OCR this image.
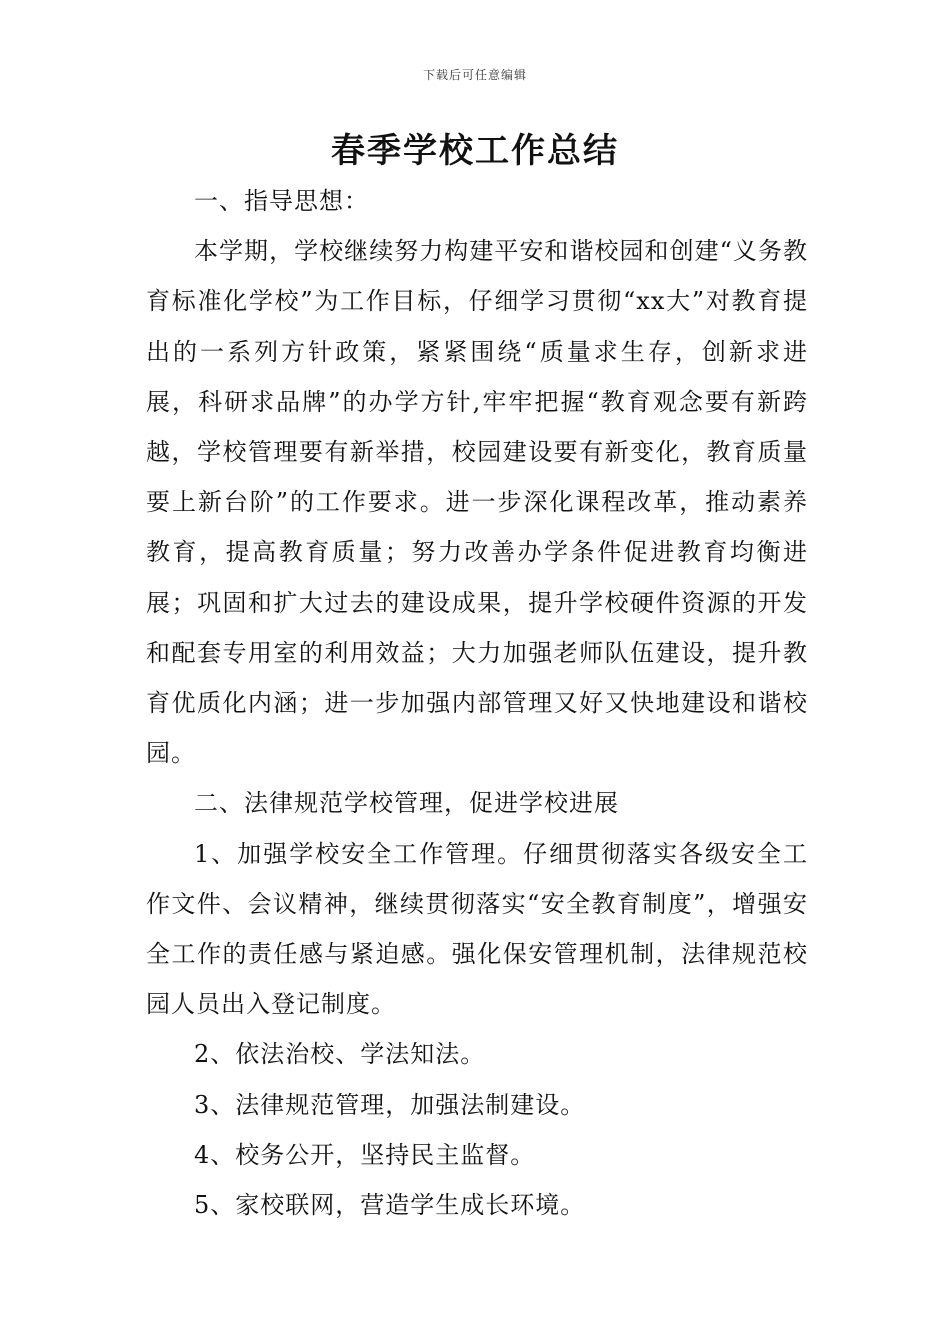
下载后可任意编辑
春季学校工作总结

一、指导思想：

本学期，学校继续努力构建平安和谐校园和创建“义务教育标准化学校”为工作目标，仔细学习贯彻“xx大”对教育提出的一系列方针政策，紧紧围绕“质量求生存，创新求进展，科研求品牌”的办学方针,牢牢把握“教育观念要有新跨越，学校管理要有新举措，校园建设要有新变化，教育质量要上新台阶”的工作要求。进一步深化课程改革，推动素养教育，提高教育质量；努力改善办学条件促进教育均衡进展；巩固和扩大过去的建设成果，提升学校硬件资源的开发和配套专用室的利用效益；大力加强老师队伍建设，提升教育优质化内涵；进一步加强内部管理又好又快地建设和谐校园。

二、法律规范学校管理，促进学校进展

1、加强学校安全工作管理。仔细贯彻落实各级安全工作文件、会议精神，继续贯彻落实“安全教育制度”，增强安全工作的责任感与紧迫感。强化保安管理机制，法律规范校园人员出入登记制度。

2、依法治校、学法知法。

3、法律规范管理，加强法制建设。

4、校务公开，坚持民主监督。

5、家校联网，营造学生成长环境。
